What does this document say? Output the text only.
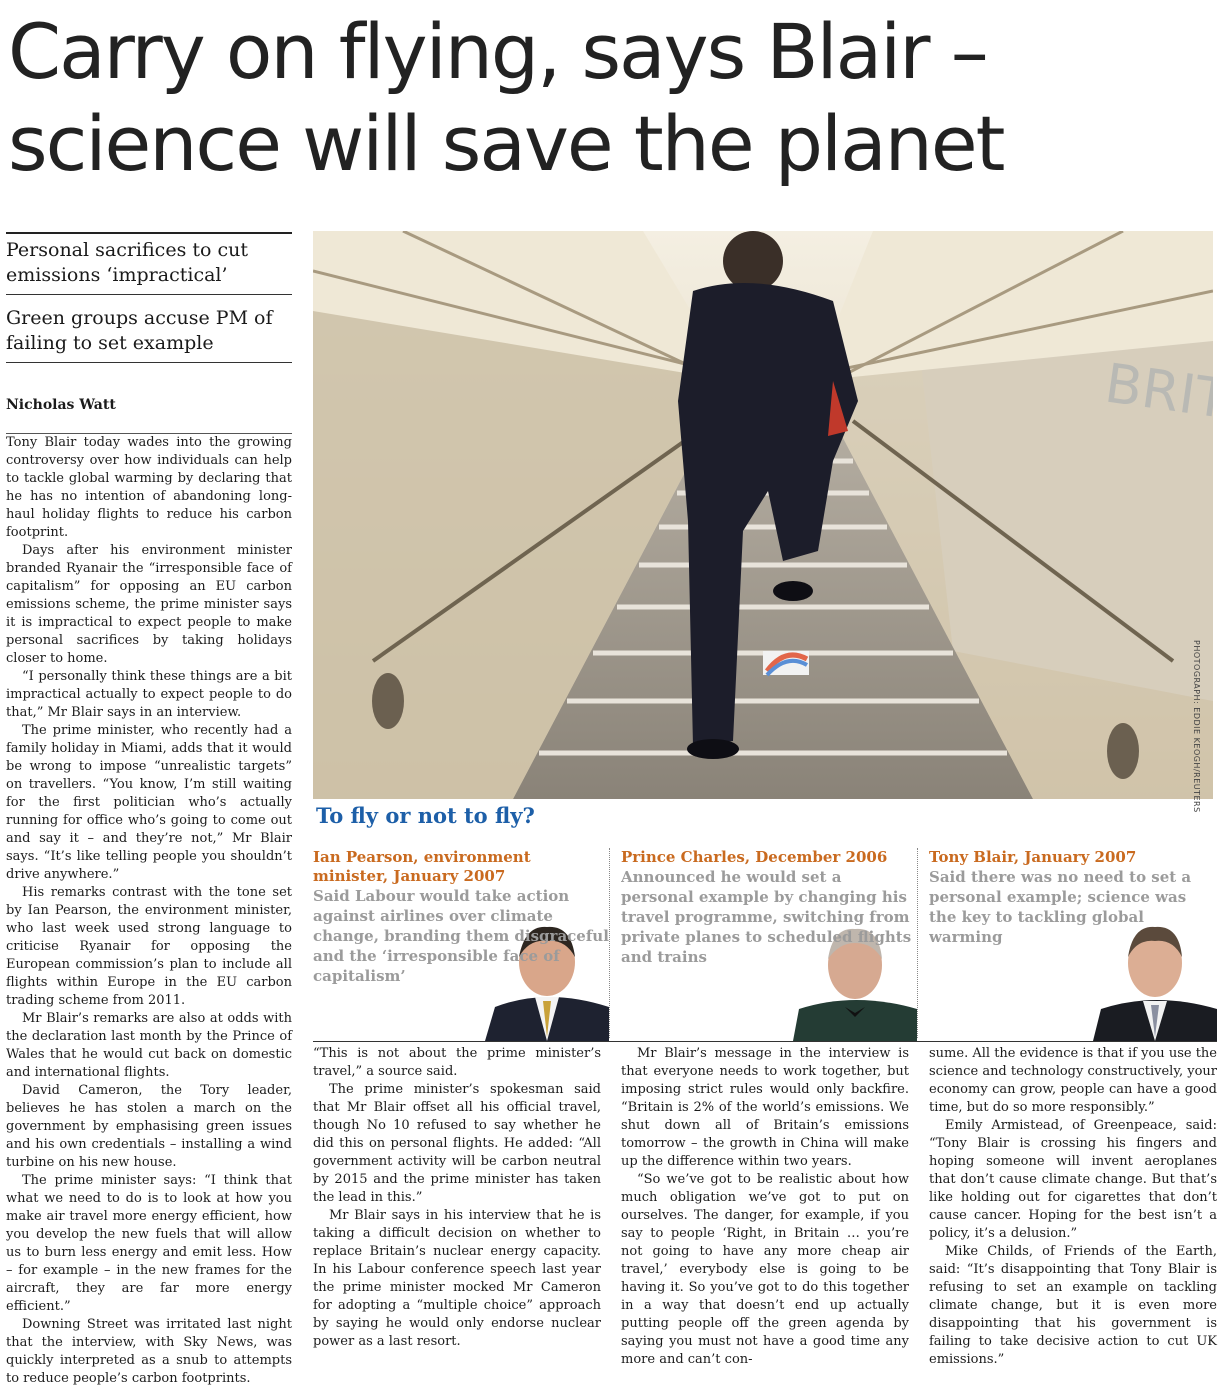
Carry on flying, says Blair –
science will save the planet
Personal sacrifices to cut emissions ‘impractical’
Green groups accuse PM of failing to set example
Nicholas Watt

Tony Blair today wades into the growing controversy over how individuals can help to tackle global warming by declaring that he has no intention of abandoning long-haul holiday flights to reduce his carbon footprint.

Days after his environment minister branded Ryanair the “irresponsible face of capitalism” for opposing an EU carbon emissions scheme, the prime minister says it is impractical to expect people to make personal sacrifices by taking holidays closer to home.

“I personally think these things are a bit impractical actually to expect people to do that,” Mr Blair says in an interview.

The prime minister, who recently had a family holiday in Miami, adds that it would be wrong to impose “unrealistic targets” on travellers. “You know, I’m still waiting for the first politician who’s actually running for office who’s going to come out and say it – and they’re not,” Mr Blair says. “It’s like telling people you shouldn’t drive anywhere.”

His remarks contrast with the tone set by Ian Pearson, the environment minister, who last week used strong language to criticise Ryanair for opposing the European commission’s plan to include all flights within Europe in the EU carbon trading scheme from 2011.

Mr Blair’s remarks are also at odds with the declaration last month by the Prince of Wales that he would cut back on domestic and international flights.

David Cameron, the Tory leader, believes he has stolen a march on the government by emphasising green issues and his own credentials – installing a wind turbine on his new house.

The prime minister says: “I think that what we need to do is to look at how you make air travel more energy efficient, how you develop the new fuels that will allow us to burn less energy and emit less. How – for example – in the new frames for the aircraft, they are far more energy efficient.”

Downing Street was irritated last night that the interview, with Sky News, was quickly interpreted as a snub to attempts to reduce people’s carbon footprints.

PHOTOGRAPH: EDDIE KEOGH/REUTERS
To fly or not to fly?
Ian Pearson, environment minister, January 2007
Said Labour would take action against airlines over climate change, branding them disgraceful and the ‘irresponsible face of capitalism’
Prince Charles, December 2006
Announced he would set a personal example by changing his travel programme, switching from private planes to scheduled flights and trains
Tony Blair, January 2007
Said there was no need to set a personal example; science was the key to tackling global warming

“This is not about the prime minister’s travel,” a source said.

The prime minister’s spokesman said that Mr Blair offset all his official travel, though No 10 refused to say whether he did this on personal flights. He added: “All government activity will be carbon neutral by 2015 and the prime minister has taken the lead in this.”

Mr Blair says in his interview that he is taking a difficult decision on whether to replace Britain’s nuclear energy capacity. In his Labour conference speech last year the prime minister mocked Mr Cameron for adopting a “multiple choice” approach by saying he would only endorse nuclear power as a last resort.

Mr Blair’s message in the interview is that everyone needs to work together, but imposing strict rules would only backfire. “Britain is 2% of the world’s emissions. We shut down all of Britain’s emissions tomorrow – the growth in China will make up the difference within two years.

“So we’ve got to be realistic about how much obligation we’ve got to put on ourselves. The danger, for example, if you say to people ‘Right, in Britain … you’re not going to have any more cheap air travel,’ everybody else is going to be having it. So you’ve got to do this together in a way that doesn’t end up actually putting people off the green agenda by saying you must not have a good time any more and can’t con-

sume. All the evidence is that if you use the science and technology constructively, your economy can grow, people can have a good time, but do so more responsibly.”

Emily Armistead, of Greenpeace, said: “Tony Blair is crossing his fingers and hoping someone will invent aeroplanes that don’t cause climate change. But that’s like holding out for cigarettes that don’t cause cancer. Hoping for the best isn’t a policy, it’s a delusion.”

Mike Childs, of Friends of the Earth, said: “It’s disappointing that Tony Blair is refusing to set an example on tackling climate change, but it is even more disappointing that his government is failing to take decisive action to cut UK emissions.”
